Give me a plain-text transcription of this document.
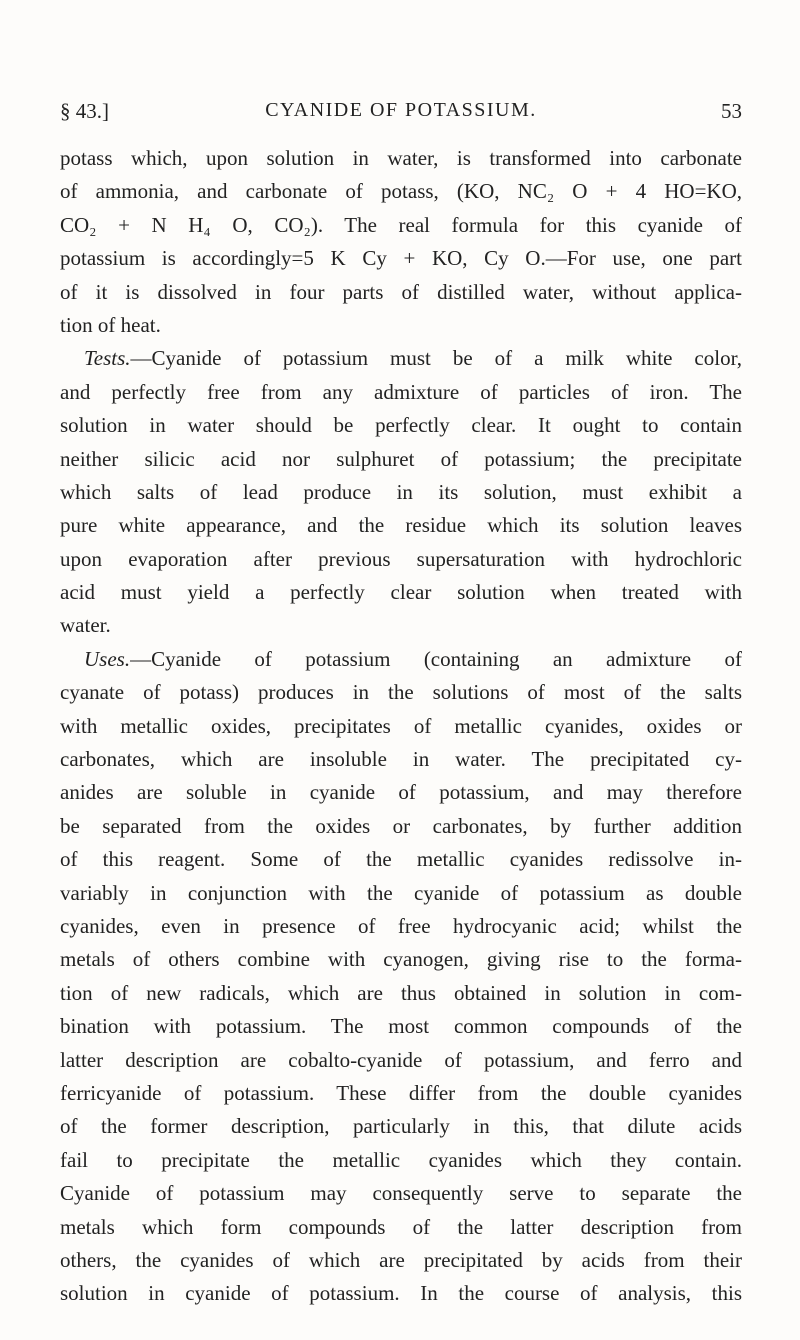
§ 43.]	CYANIDE OF POTASSIUM.	53
potass which, upon solution in water, is transformed into carbonate
of ammonia, and carbonate of potass, (KO, NC₂ O + 4 HO=KO,
CO₂ + N H₄ O, CO₂). The real formula for this cyanide of
potassium is accordingly=5 K Cy + KO, Cy O.—For use, one part
of it is dissolved in four parts of distilled water, without applica-
tion of heat.
Tests.—Cyanide of potassium must be of a milk white color,
and perfectly free from any admixture of particles of iron. The
solution in water should be perfectly clear. It ought to contain
neither silicic acid nor sulphuret of potassium; the precipitate
which salts of lead produce in its solution, must exhibit a
pure white appearance, and the residue which its solution leaves
upon evaporation after previous supersaturation with hydrochloric
acid must yield a perfectly clear solution when treated with
water.
Uses.—Cyanide of potassium (containing an admixture of
cyanate of potass) produces in the solutions of most of the salts
with metallic oxides, precipitates of metallic cyanides, oxides or
carbonates, which are insoluble in water. The precipitated cy-
anides are soluble in cyanide of potassium, and may therefore
be separated from the oxides or carbonates, by further addition
of this reagent. Some of the metallic cyanides redissolve in-
variably in conjunction with the cyanide of potassium as double
cyanides, even in presence of free hydrocyanic acid; whilst the
metals of others combine with cyanogen, giving rise to the forma-
tion of new radicals, which are thus obtained in solution in com-
bination with potassium. The most common compounds of the
latter description are cobalto-cyanide of potassium, and ferro and
ferricyanide of potassium. These differ from the double cyanides
of the former description, particularly in this, that dilute acids
fail to precipitate the metallic cyanides which they contain.
Cyanide of potassium may consequently serve to separate the
metals which form compounds of the latter description from
others, the cyanides of which are precipitated by acids from their
solution in cyanide of potassium. In the course of analysis, this
